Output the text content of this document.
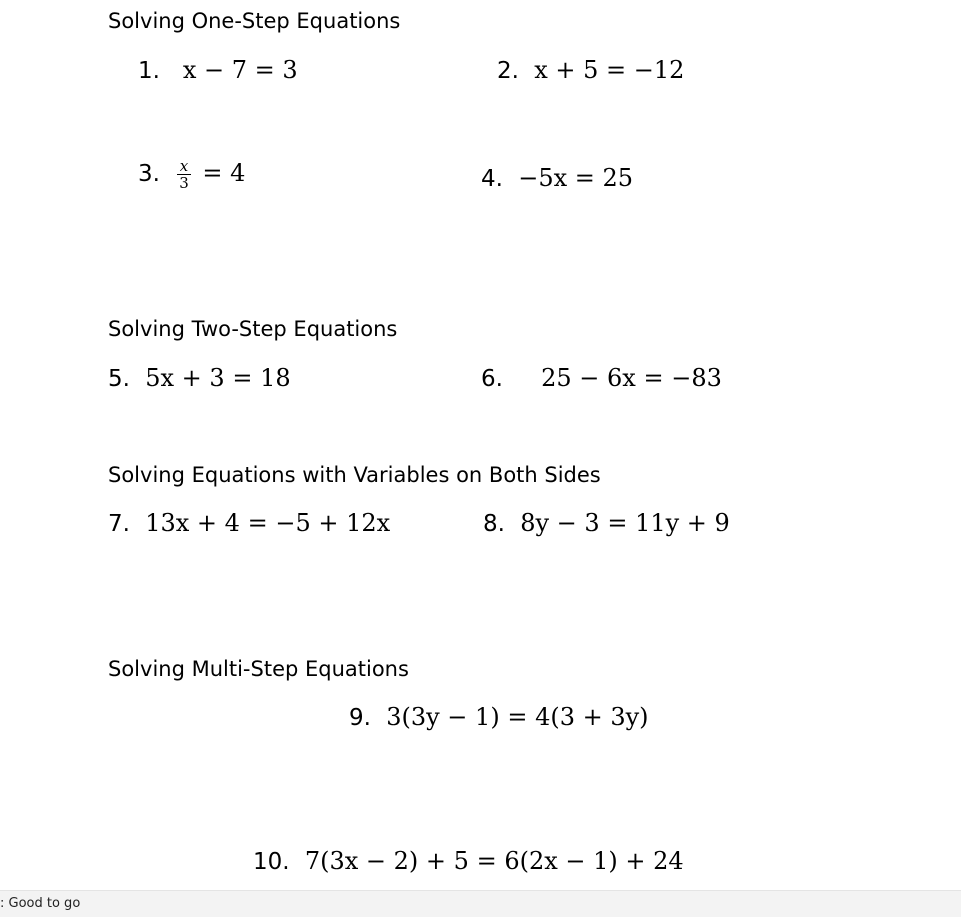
Solving One-Step Equations
Solving Two-Step Equations
Solving Equations with Variables on Both Sides
Solving Multi-Step Equations
1. x − 7 = 3	2. x + 5 = −12
3. $\frac{x}{3} = 4$	4. −5x = 25
5. 5x + 3 = 18	6. 25 − 6x = −83
7. 13x + 4 = −5 + 12x	8. 8y − 3 = 11y + 9
9. 3(3y − 1) = 4(3 + 3y)
10. 7(3x − 2) + 5 = 6(2x − 1) + 24
: Good to go
